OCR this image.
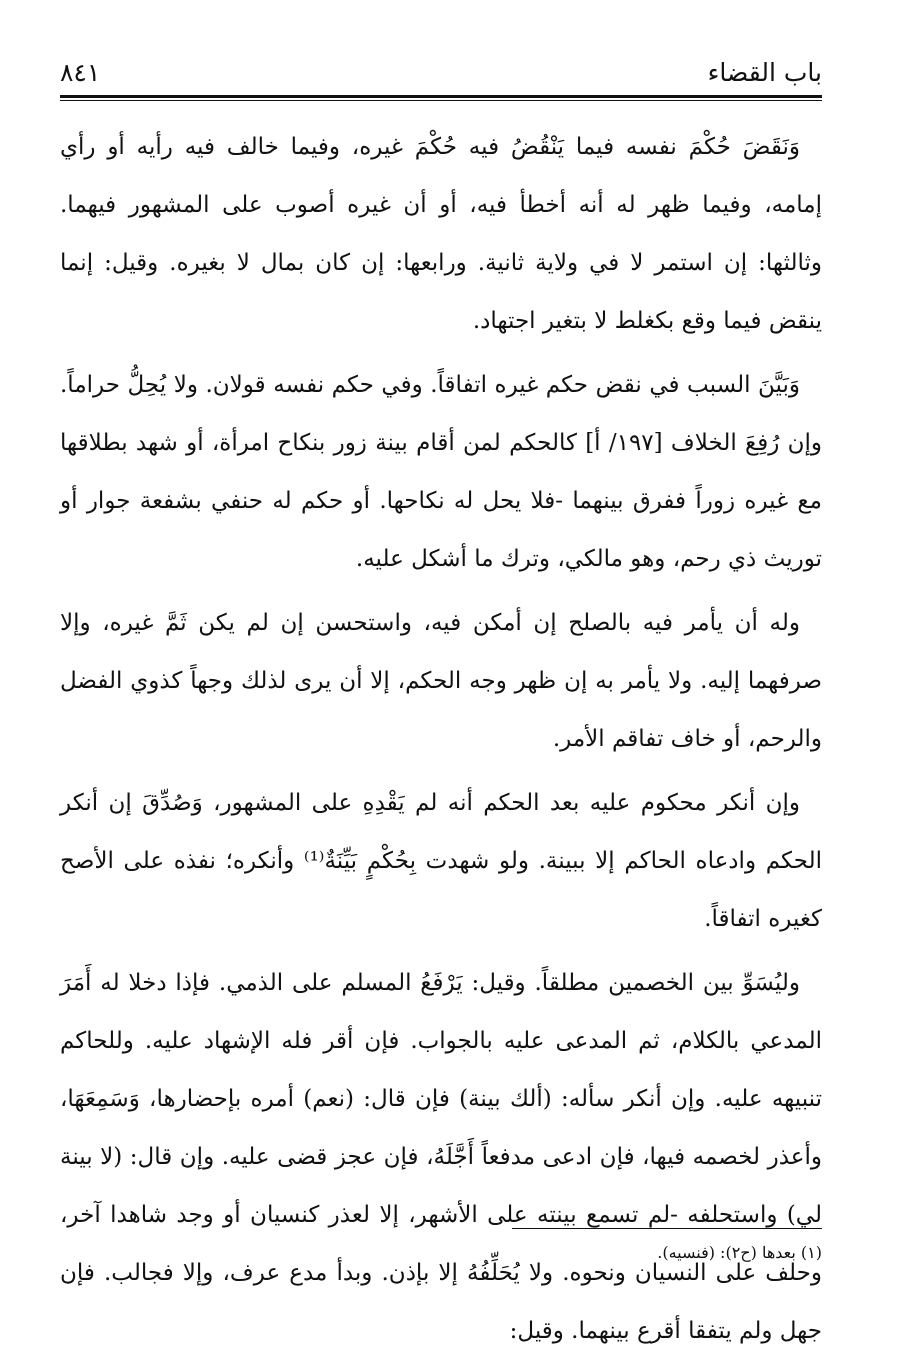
باب القضاء
٨٤١

وَنَقَضَ حُكْمَ نفسه فيما يَنْقُضُ فيه حُكْمَ غيره، وفيما خالف فيه رأيه أو رأي إمامه، وفيما ظهر له أنه أخطأ فيه، أو أن غيره أصوب على المشهور فيهما. وثالثها: إن استمر لا في ولاية ثانية. ورابعها: إن كان بمال لا بغيره. وقيل: إنما ينقض فيما وقع بكغلط لا بتغير اجتهاد.

وَبَيَّنَ السبب في نقض حكم غيره اتفاقاً. وفي حكم نفسه قولان. ولا يُحِلُّ حراماً. وإن رُفِعَ الخلاف [١٩٧/ أ] كالحكم لمن أقام بينة زور بنكاح امرأة، أو شهد بطلاقها مع غيره زوراً ففرق بينهما -فلا يحل له نكاحها. أو حكم له حنفي بشفعة جوار أو توريث ذي رحم، وهو مالكي، وترك ما أشكل عليه.

وله أن يأمر فيه بالصلح إن أمكن فيه، واستحسن إن لم يكن ثَمَّ غيره، وإلا صرفهما إليه. ولا يأمر به إن ظهر وجه الحكم، إلا أن يرى لذلك وجهاً كذوي الفضل والرحم، أو خاف تفاقم الأمر.

وإن أنكر محكوم عليه بعد الحكم أنه لم يَقْدِهِ على المشهور، وَصُدِّقَ إن أنكر الحكم وادعاه الحاكم إلا ببينة. ولو شهدت بِحُكْمٍ بَيِّنَةٌ⁽¹⁾ وأنكره؛ نفذه على الأصح كغيره اتفاقاً.

وليُسَوِّ بين الخصمين مطلقاً. وقيل: يَرْفَعُ المسلم على الذمي. فإذا دخلا له أَمَرَ المدعي بالكلام، ثم المدعى عليه بالجواب. فإن أقر فله الإشهاد عليه. وللحاكم تنبيهه عليه. وإن أنكر سأله: (ألك بينة) فإن قال: (نعم) أمره بإحضارها، وَسَمِعَهَا، وأعذر لخصمه فيها، فإن ادعى مدفعاً أَجَّلَهُ، فإن عجز قضى عليه. وإن قال: (لا بينة لي) واستحلفه -لم تسمع بينته على الأشهر، إلا لعذر كنسيان أو وجد شاهدا آخر، وحلف على النسيان ونحوه. ولا يُحَلِّفُهُ إلا بإذن. وبدأ مدع عرف، وإلا فجالب. فإن جهل ولم يتفقا أقرع بينهما. وقيل:

(١) بعدها (ح٢): (فنسيه).
